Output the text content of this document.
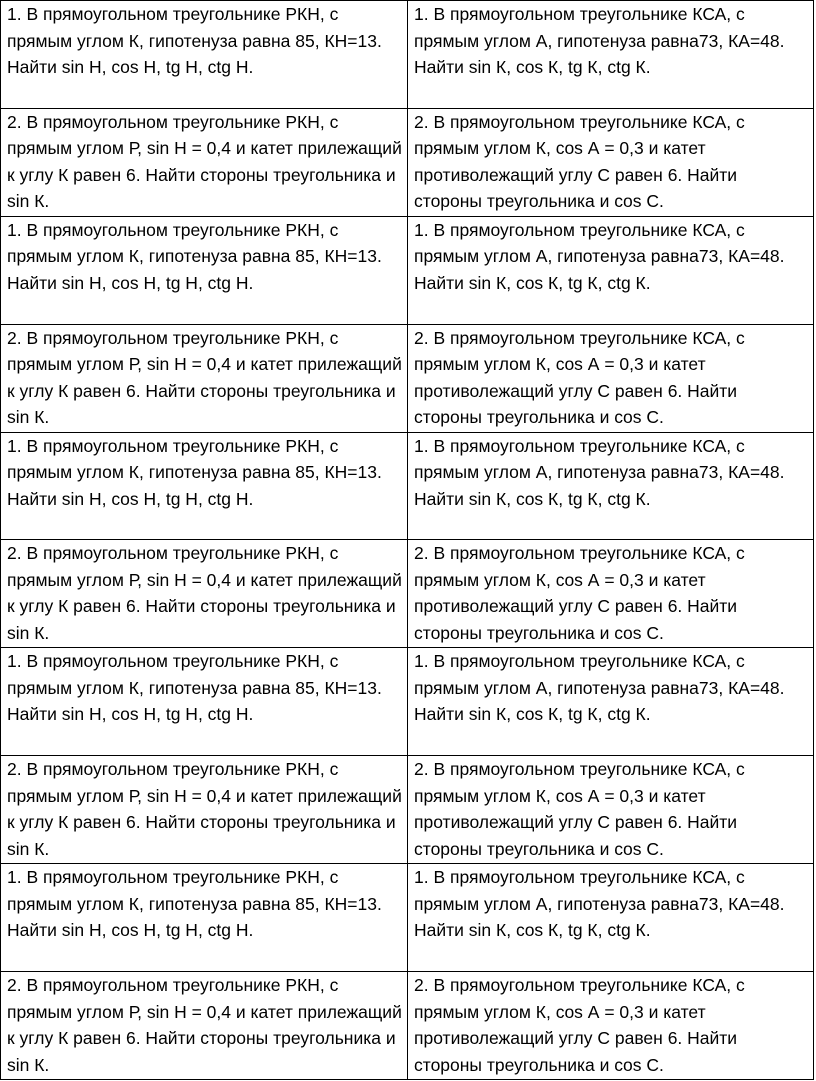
1. В прямоугольном треугольнике РКН, с прямым углом К, гипотенуза равна 85, КН=13. Найти sin H, cos H, tg H, ctg H.	1. В прямоугольном треугольнике КСА, с прямым углом А, гипотенуза равна73, КА=48. Найти sin К, cos К, tg К, ctg К.
2. В прямоугольном треугольнике РКН, с прямым углом Р, sin Н = 0,4 и катет прилежащий к углу К равен 6. Найти стороны треугольника и sin К.	2. В прямоугольном треугольнике КСА, с прямым углом К, cos А = 0,3 и катет противолежащий углу С равен 6. Найти стороны треугольника и cos С.
1. В прямоугольном треугольнике РКН, с прямым углом К, гипотенуза равна 85, КН=13. Найти sin H, cos H, tg H, ctg H.	1. В прямоугольном треугольнике КСА, с прямым углом А, гипотенуза равна73, КА=48. Найти sin К, cos К, tg К, ctg К.
2. В прямоугольном треугольнике РКН, с прямым углом Р, sin Н = 0,4 и катет прилежащий к углу К равен 6. Найти стороны треугольника и sin К.	2. В прямоугольном треугольнике КСА, с прямым углом К, cos А = 0,3 и катет противолежащий углу С равен 6. Найти стороны треугольника и cos С.
1. В прямоугольном треугольнике РКН, с прямым углом К, гипотенуза равна 85, КН=13. Найти sin H, cos H, tg H, ctg H.	1. В прямоугольном треугольнике КСА, с прямым углом А, гипотенуза равна73, КА=48. Найти sin К, cos К, tg К, ctg К.
2. В прямоугольном треугольнике РКН, с прямым углом Р, sin Н = 0,4 и катет прилежащий к углу К равен 6. Найти стороны треугольника и sin К.	2. В прямоугольном треугольнике КСА, с прямым углом К, cos А = 0,3 и катет противолежащий углу С равен 6. Найти стороны треугольника и cos С.
1. В прямоугольном треугольнике РКН, с прямым углом К, гипотенуза равна 85, КН=13. Найти sin H, cos H, tg H, ctg H.	1. В прямоугольном треугольнике КСА, с прямым углом А, гипотенуза равна73, КА=48. Найти sin К, cos К, tg К, ctg К.
2. В прямоугольном треугольнике РКН, с прямым углом Р, sin Н = 0,4 и катет прилежащий к углу К равен 6. Найти стороны треугольника и sin К.	2. В прямоугольном треугольнике КСА, с прямым углом К, cos А = 0,3 и катет противолежащий углу С равен 6. Найти стороны треугольника и cos С.
1. В прямоугольном треугольнике РКН, с прямым углом К, гипотенуза равна 85, КН=13. Найти sin H, cos H, tg H, ctg H.	1. В прямоугольном треугольнике КСА, с прямым углом А, гипотенуза равна73, КА=48. Найти sin К, cos К, tg К, ctg К.
2. В прямоугольном треугольнике РКН, с прямым углом Р, sin Н = 0,4 и катет прилежащий к углу К равен 6. Найти стороны треугольника и sin К.	2. В прямоугольном треугольнике КСА, с прямым углом К, cos А = 0,3 и катет противолежащий углу С равен 6. Найти стороны треугольника и cos С.
